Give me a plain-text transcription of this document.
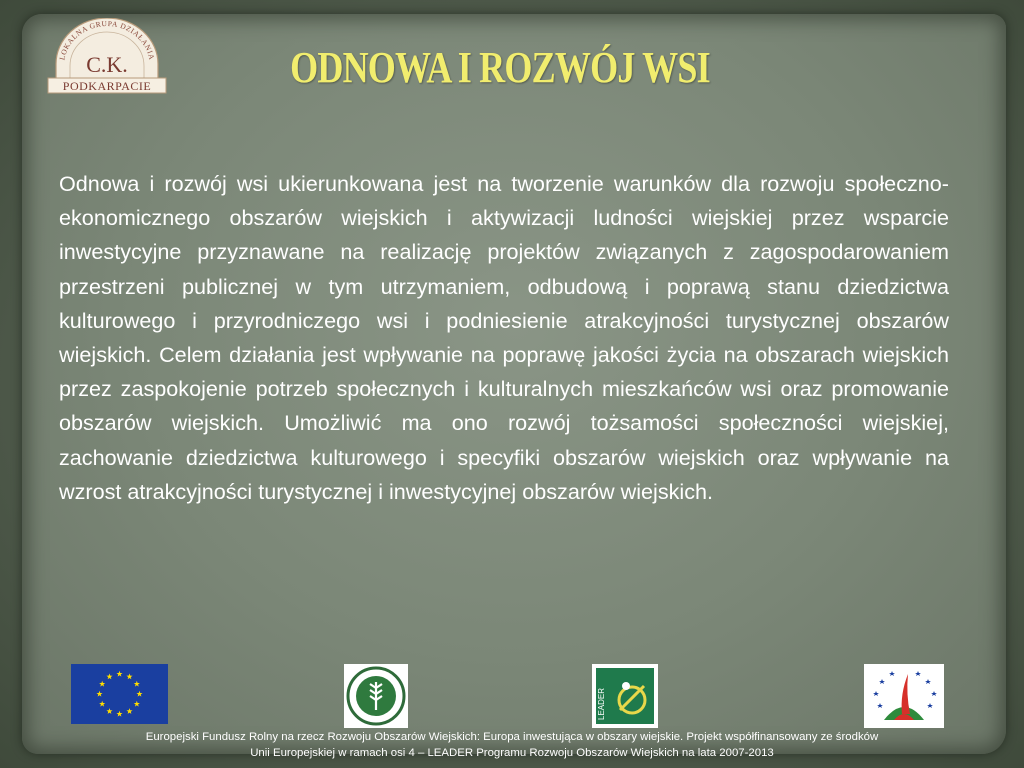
LOKALNA GRUPA DZIAŁANIA
C.K.
PODKARPACIE	ODNOWA I ROZWÓJ WSI

Odnowa i rozwój wsi ukierunkowana jest na tworzenie warunków dla rozwoju społeczno-ekonomicznego obszarów wiejskich i aktywizacji ludności wiejskiej przez wsparcie inwestycyjne przyznawane na realizację projektów związanych z zagospodarowaniem przestrzeni publicznej w tym utrzymaniem, odbudową i poprawą stanu dziedzictwa kulturowego i przyrodniczego wsi i podniesienie atrakcyjności turystycznej obszarów wiejskich. Celem działania jest wpływanie na poprawę jakości życia na obszarach wiejskich przez zaspokojenie potrzeb społecznych i kulturalnych mieszkańców wsi oraz promowanie obszarów wiejskich. Umożliwić ma ono rozwój tożsamości społeczności wiejskiej, zachowanie dziedzictwa kulturowego i specyfiki obszarów wiejskich oraz wpływanie na wzrost atrakcyjności turystycznej i inwestycyjnej obszarów wiejskich.

LEADER

Europejski Fundusz Rolny na rzecz Rozwoju Obszarów Wiejskich: Europa inwestująca w obszary wiejskie. Projekt współfinansowany ze środków
Unii Europejskiej w ramach osi 4 – LEADER Programu Rozwoju Obszarów Wiejskich na lata 2007-2013
